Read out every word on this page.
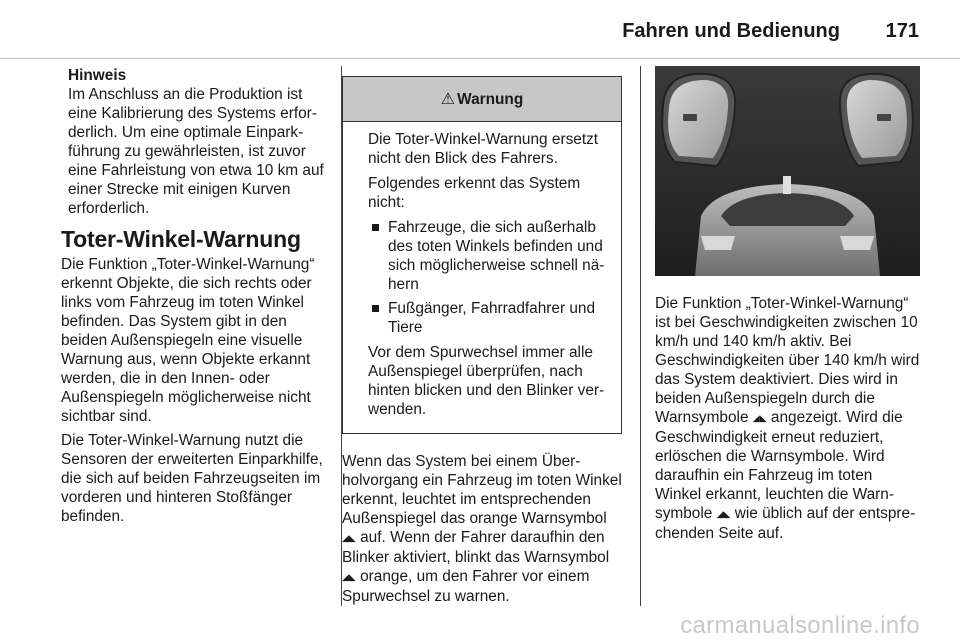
Fahren und Bedienung 171
Hinweis

Im Anschluss an die Produktion ist eine Kalibrierung des Systems erforderlich. Um eine optimale Einparkführung zu gewährleisten, ist zuvor eine Fahrleistung von etwa 10 km auf einer Strecke mit einigen Kurven erforderlich.

Toter-Winkel-Warnung

Die Funktion „Toter-Winkel-Warnung“ erkennt Objekte, die sich rechts oder links vom Fahrzeug im toten Winkel befinden. Das System gibt in den beiden Außenspiegeln eine visuelle Warnung aus, wenn Objekte erkannt werden, die in den Innen- oder Außenspiegeln möglicherweise nicht sichtbar sind.

Die Toter-Winkel-Warnung nutzt die Sensoren der erweiterten Einparkhilfe, die sich auf beiden Fahrzeugseiten im vorderen und hinteren Stoßfänger befinden.

⚠ Warnung

Die Toter-Winkel-Warnung ersetzt nicht den Blick des Fahrers.

Folgendes erkennt das System nicht:

Fahrzeuge, die sich außerhalb des toten Winkels befinden und sich möglicherweise schnell nähern
Fußgänger, Fahrradfahrer und Tiere

Vor dem Spurwechsel immer alle Außenspiegel überprüfen, nach hinten blicken und den Blinker verwenden.

Wenn das System bei einem Überholvorgang ein Fahrzeug im toten Winkel erkennt, leuchtet im entsprechenden Außenspiegel das orange Warnsymbol ◢◣ auf. Wenn der Fahrer daraufhin den Blinker aktiviert, blinkt das Warnsymbol ◢◣ orange, um den Fahrer vor einem Spurwechsel zu warnen.
Die Funktion „Toter-Winkel-Warnung“ ist bei Geschwindigkeiten zwischen 10 km/h und 140 km/h aktiv. Bei Geschwindigkeiten über 140 km/h wird das System deaktiviert. Dies wird in beiden Außenspiegeln durch die Warnsymbole ◢◣ angezeigt. Wird die Geschwindigkeit erneut reduziert, erlöschen die Warnsymbole. Wird daraufhin ein Fahrzeug im toten Winkel erkannt, leuchten die Warnsymbole ◢◣ wie üblich auf der entsprechenden Seite auf.
carmanualsonline.info
